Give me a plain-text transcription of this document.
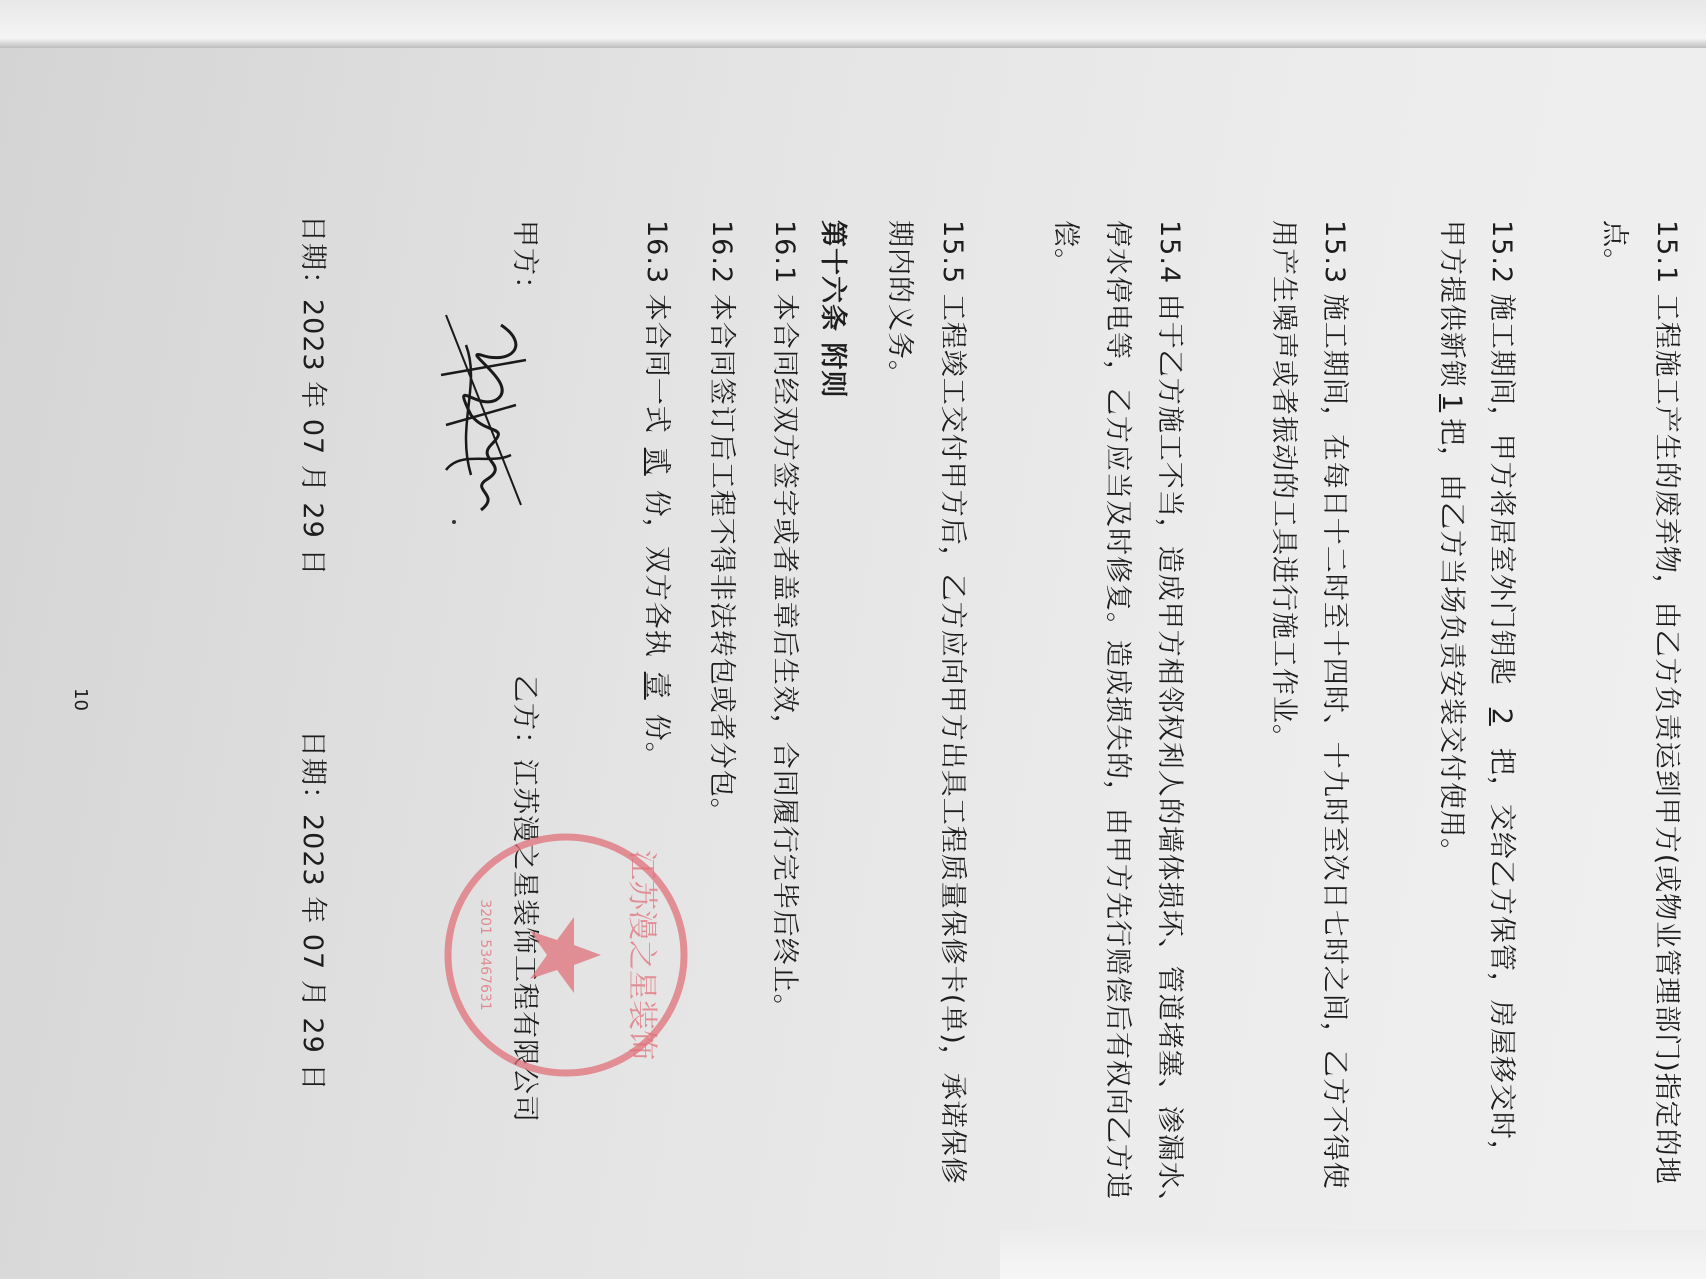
15.1 工程施工产生的废弃物，由乙方负责运到甲方(或物业管理部门)指定的地
点。
15.2 施工期间，甲方将居室外门钥匙2把，交给乙方保管，房屋移交时，
甲方提供新锁1把，由乙方当场负责安装交付使用。
15.3 施工期间，在每日十二时至十四时、十九时至次日七时之间，乙方不得使
用产生噪声或者振动的工具进行施工作业。
15.4 由于乙方施工不当，造成甲方相邻权利人的墙体损坏、管道堵塞、渗漏水、
停水停电等，乙方应当及时修复。造成损失的，由甲方先行赔偿后有权向乙方追
偿。
15.5 工程竣工交付甲方后，乙方应向甲方出具工程质量保修卡(单)，承诺保修
期内的义务。
第十六条 附则
16.1 本合同经双方签字或者盖章后生效，合同履行完毕后终止。
16.2 本合同签订后工程不得非法转包或者分包。
16.3 本合同一式贰份，双方各执壹份。
甲方：
乙方：江苏漫之星装饰工程有限公司
日期：2023 年 07 月 29 日
日期：2023 年 07 月 29 日
10
江苏漫之星装饰
3201 53467631
